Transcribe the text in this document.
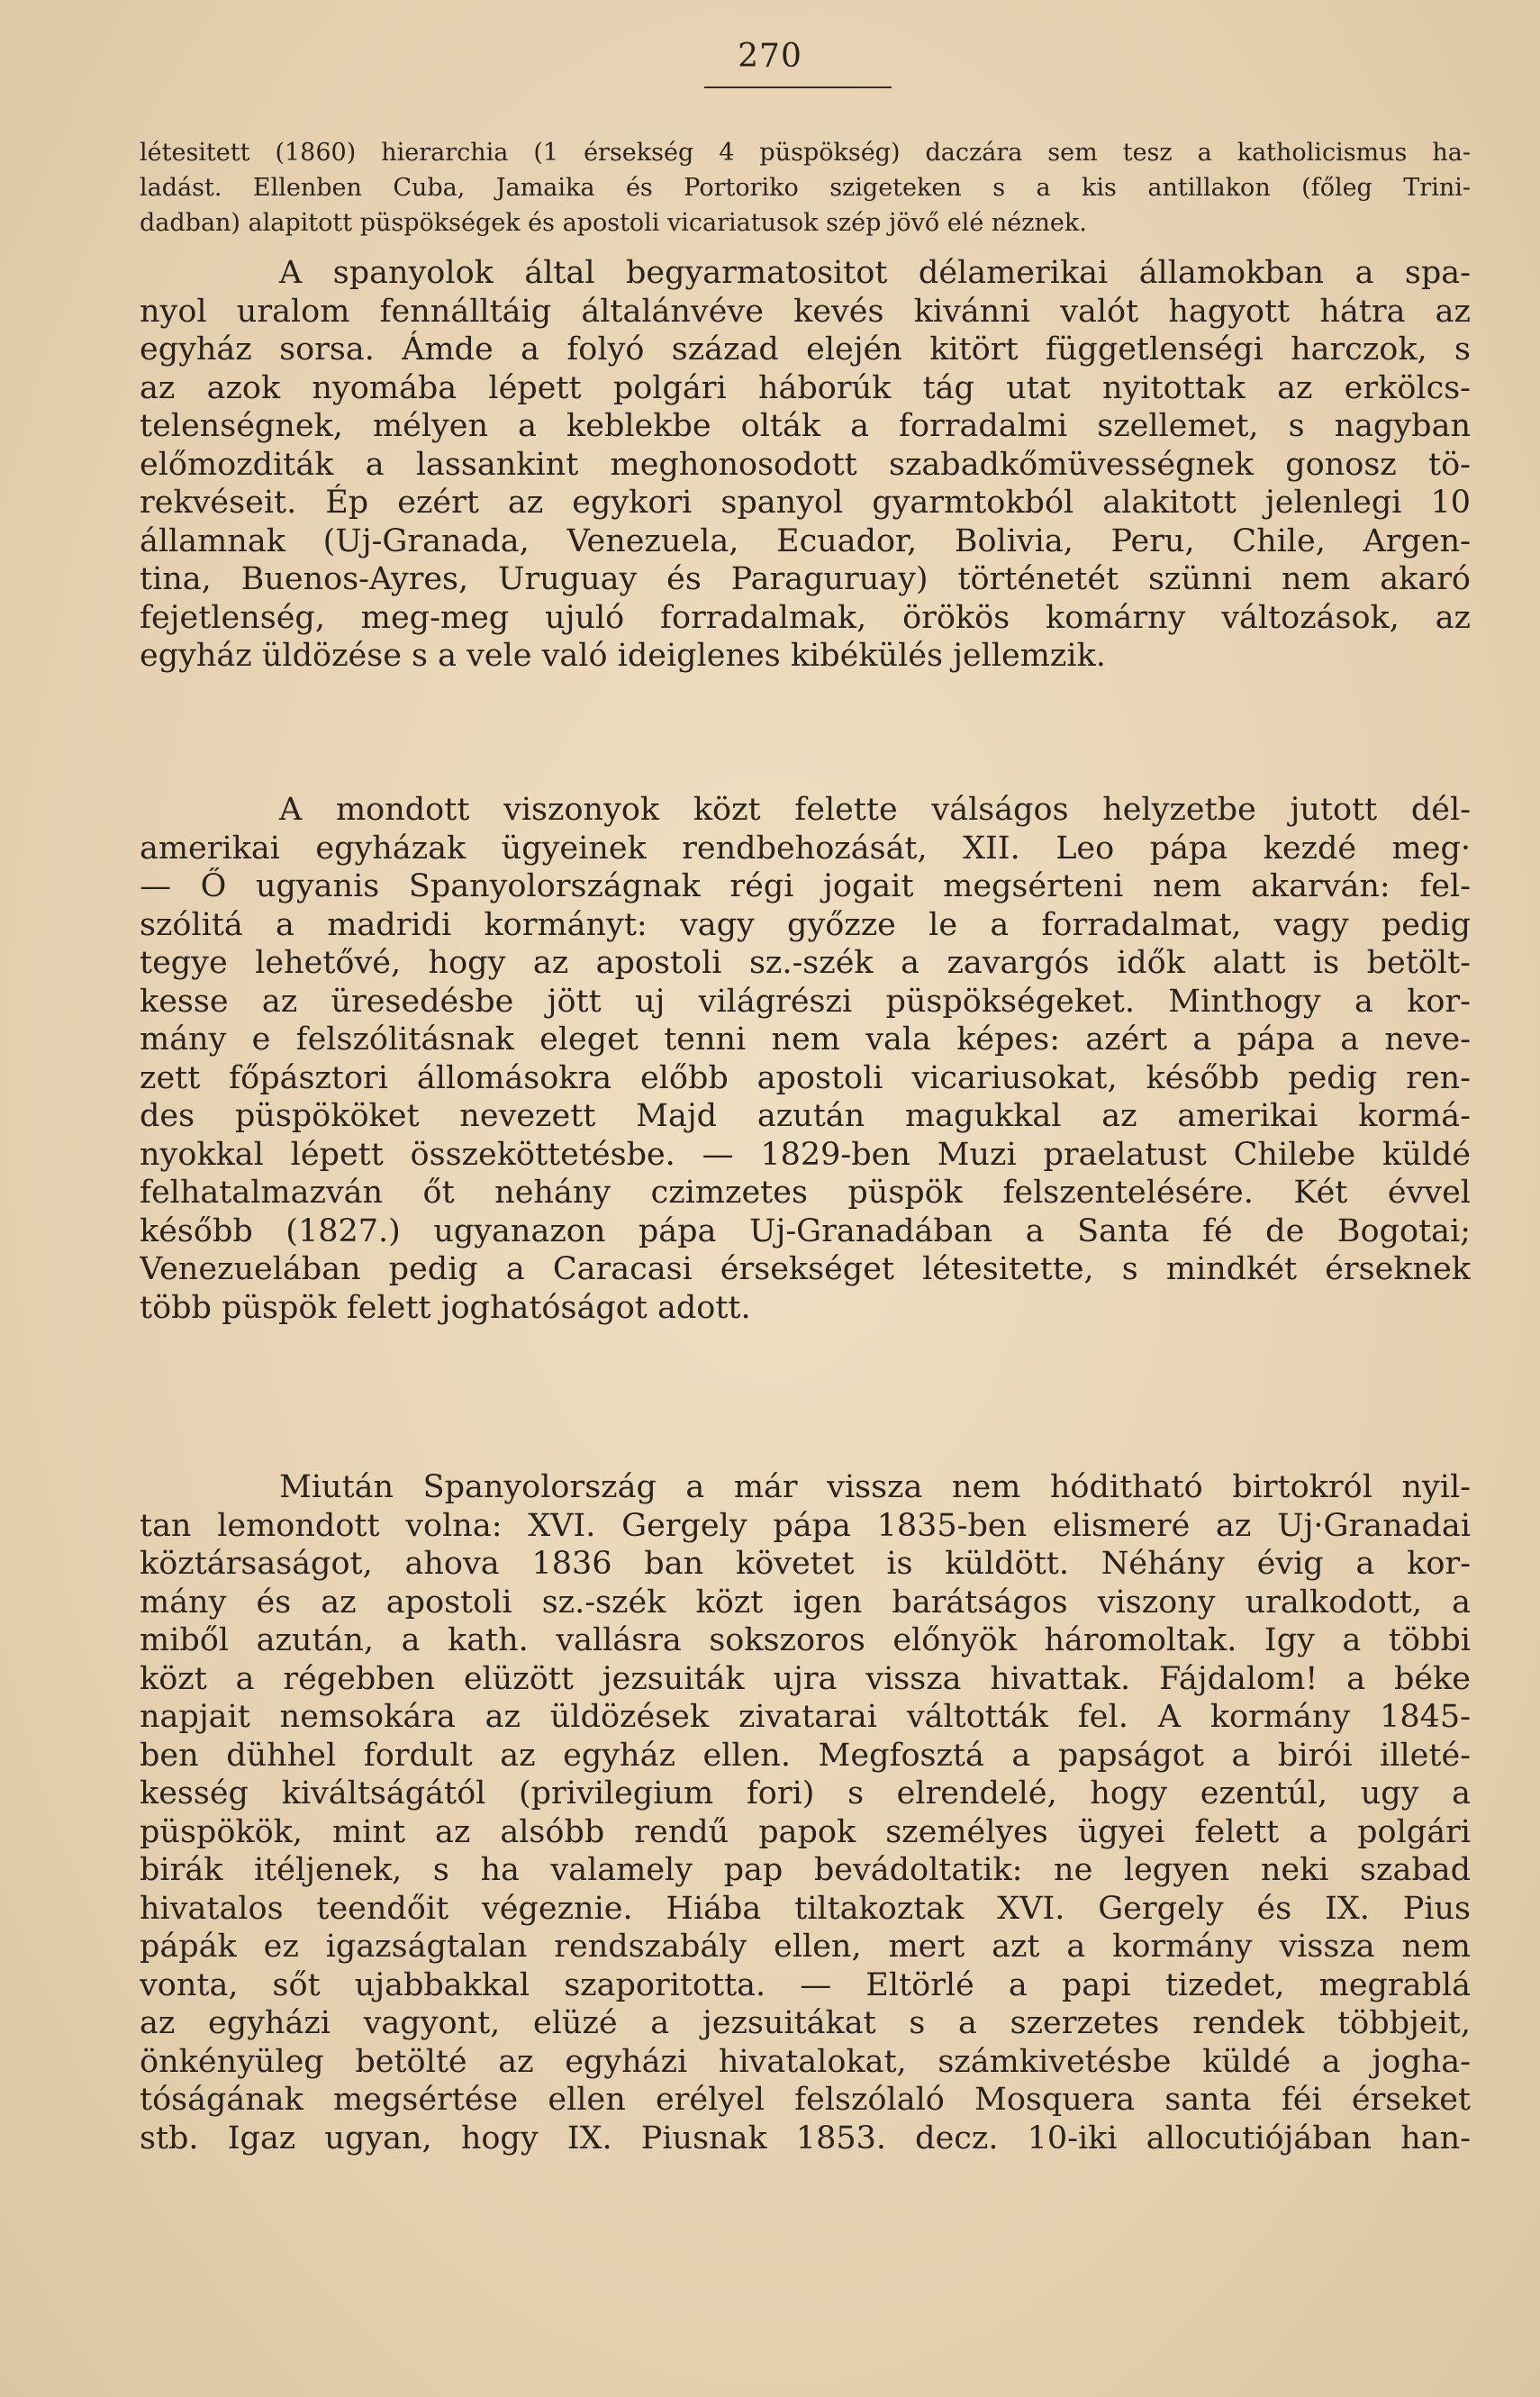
270
létesitett (1860) hierarchia (1 érsekség 4 püspökség) daczára sem tesz a katholicismus ha-
ladást. Ellenben Cuba, Jamaika és Portoriko szigeteken s a kis antillakon (főleg Trini-
dadban) alapitott püspökségek és apostoli vicariatusok szép jövő elé néznek.
A spanyolok által begyarmatositot délamerikai államokban a spa-
nyol uralom fennálltáig általánvéve kevés kivánni valót hagyott hátra az
egyház sorsa. Ámde a folyó század elején kitört függetlenségi harczok, s
az azok nyomába lépett polgári háborúk tág utat nyitottak az erkölcs-
telenségnek, mélyen a keblekbe olták a forradalmi szellemet, s nagyban
előmozditák a lassankint meghonosodott szabadkőmüvességnek gonosz tö-
rekvéseit. Ép ezért az egykori spanyol gyarmtokból alakitott jelenlegi 10
államnak (Uj-Granada, Venezuela, Ecuador, Bolivia, Peru, Chile, Argen-
tina, Buenos-Ayres, Uruguay és Paraguruay) történetét szünni nem akaró
fejetlenség, meg-meg ujuló forradalmak, örökös komárny változások, az
egyház üldözése s a vele való ideiglenes kibékülés jellemzik.
A mondott viszonyok közt felette válságos helyzetbe jutott dél-
amerikai egyházak ügyeinek rendbehozását, XII. Leo pápa kezdé meg·
— Ő ugyanis Spanyolországnak régi jogait megsérteni nem akarván: fel-
szólitá a madridi kormányt: vagy győzze le a forradalmat, vagy pedig
tegye lehetővé, hogy az apostoli sz.-szék a zavargós idők alatt is betölt-
kesse az üresedésbe jött uj világrészi püspökségeket. Minthogy a kor-
mány e felszólitásnak eleget tenni nem vala képes: azért a pápa a neve-
zett főpásztori állomásokra előbb apostoli vicariusokat, később pedig ren-
des püspököket nevezett Majd azután magukkal az amerikai kormá-
nyokkal lépett összeköttetésbe. — 1829-ben Muzi praelatust Chilebe küldé
felhatalmazván őt nehány czimzetes püspök felszentelésére. Két évvel
később (1827.) ugyanazon pápa Uj-Granadában a Santa fé de Bogotai;
Venezuelában pedig a Caracasi érsekséget létesitette, s mindkét érseknek
több püspök felett joghatóságot adott.
Miután Spanyolország a már vissza nem hóditható birtokról nyil-
tan lemondott volna: XVI. Gergely pápa 1835-ben elismeré az Uj·Granadai
köztársaságot, ahova 1836 ban követet is küldött. Néhány évig a kor-
mány és az apostoli sz.-szék közt igen barátságos viszony uralkodott, a
miből azután, a kath. vallásra sokszoros előnyök háromoltak. Igy a többi
közt a régebben elüzött jezsuiták ujra vissza hivattak. Fájdalom! a béke
napjait nemsokára az üldözések zivatarai váltották fel. A kormány 1845-
ben dühhel fordult az egyház ellen. Megfosztá a papságot a birói illeté-
kesség kiváltságától (privilegium fori) s elrendelé, hogy ezentúl, ugy a
püspökök, mint az alsóbb rendű papok személyes ügyei felett a polgári
birák itéljenek, s ha valamely pap bevádoltatik: ne legyen neki szabad
hivatalos teendőit végeznie. Hiába tiltakoztak XVI. Gergely és IX. Pius
pápák ez igazságtalan rendszabály ellen, mert azt a kormány vissza nem
vonta, sőt ujabbakkal szaporitotta. — Eltörlé a papi tizedet, megrablá
az egyházi vagyont, elüzé a jezsuitákat s a szerzetes rendek többjeit,
önkényüleg betölté az egyházi hivatalokat, számkivetésbe küldé a jogha-
tóságának megsértése ellen erélyel felszólaló Mosquera santa féi érseket
stb. Igaz ugyan, hogy IX. Piusnak 1853. decz. 10-iki allocutiójában han-
